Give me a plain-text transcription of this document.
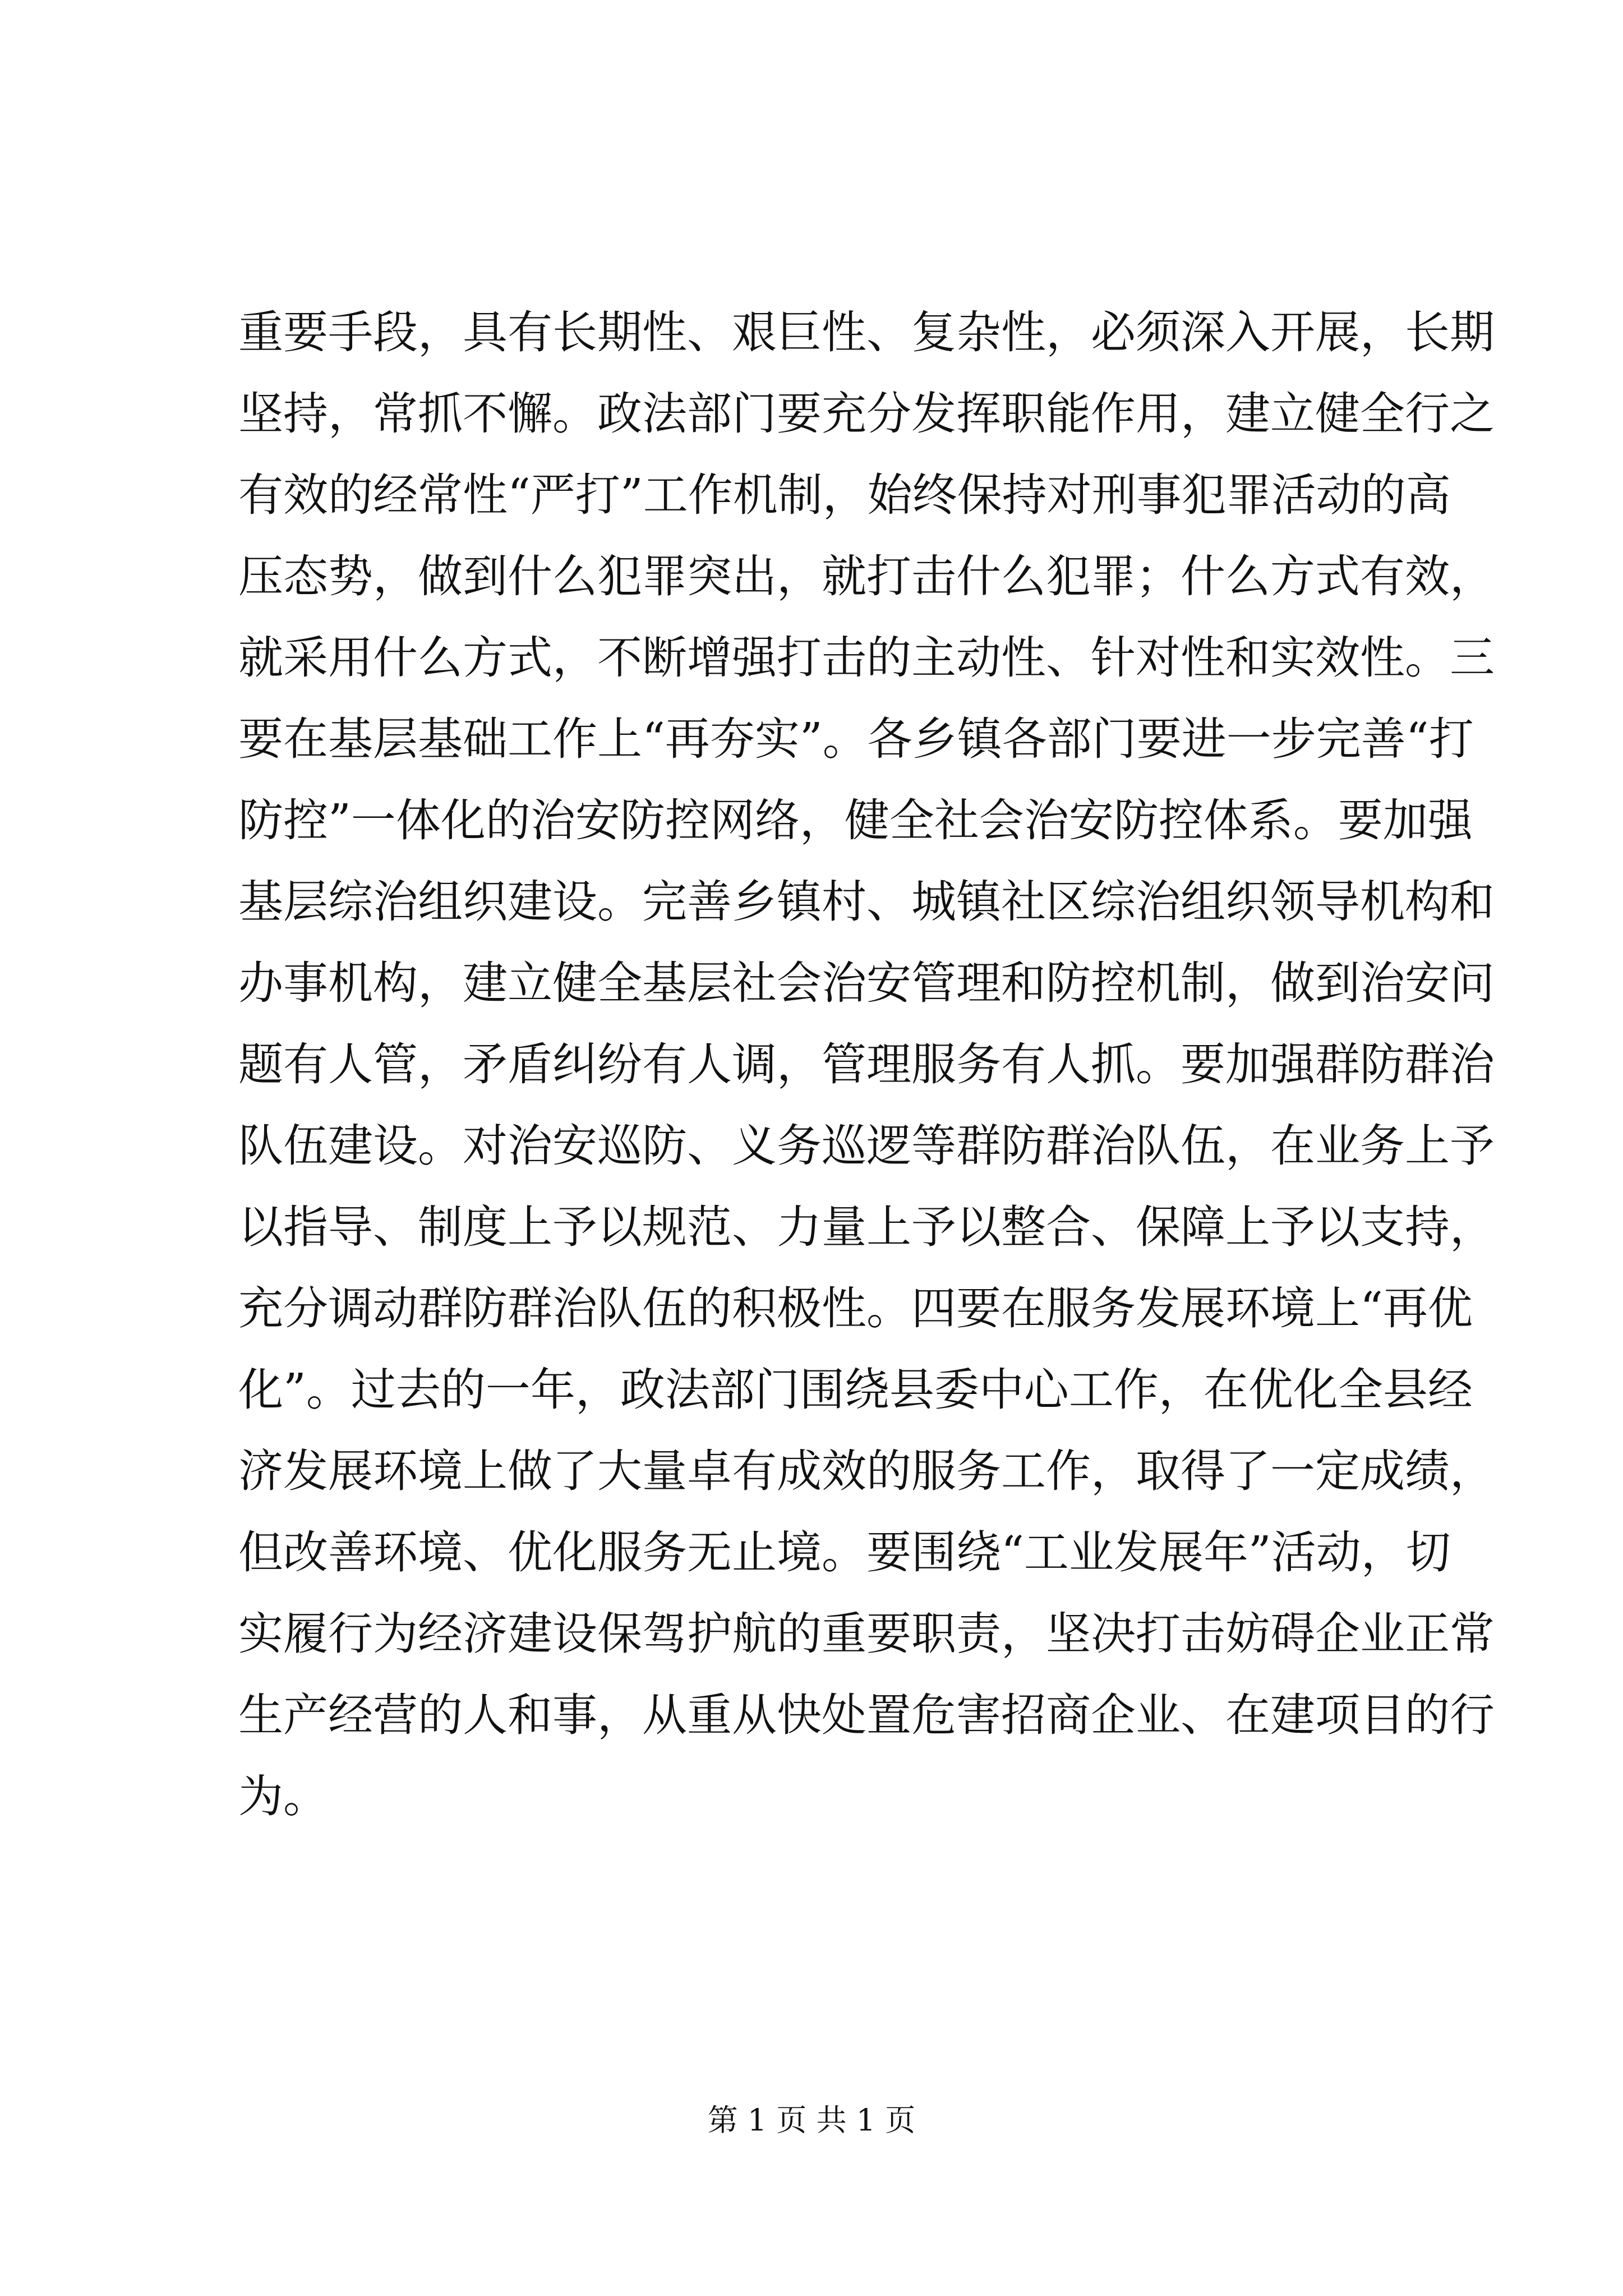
重要手段，具有长期性、艰巨性、复杂性，必须深入开展，长期
坚持，常抓不懈。政法部门要充分发挥职能作用，建立健全行之
有效的经常性“严打”工作机制，始终保持对刑事犯罪活动的高
压态势，做到什么犯罪突出，就打击什么犯罪；什么方式有效，
就采用什么方式，不断增强打击的主动性、针对性和实效性。三
要在基层基础工作上“再夯实”。各乡镇各部门要进一步完善“打
防控”一体化的治安防控网络，健全社会治安防控体系。要加强
基层综治组织建设。完善乡镇村、城镇社区综治组织领导机构和
办事机构，建立健全基层社会治安管理和防控机制，做到治安问
题有人管，矛盾纠纷有人调，管理服务有人抓。要加强群防群治
队伍建设。对治安巡防、义务巡逻等群防群治队伍，在业务上予
以指导、制度上予以规范、力量上予以整合、保障上予以支持，
充分调动群防群治队伍的积极性。四要在服务发展环境上“再优
化”。过去的一年，政法部门围绕县委中心工作，在优化全县经
济发展环境上做了大量卓有成效的服务工作，取得了一定成绩，
但改善环境、优化服务无止境。要围绕“工业发展年”活动，切
实履行为经济建设保驾护航的重要职责，坚决打击妨碍企业正常
生产经营的人和事，从重从快处置危害招商企业、在建项目的行
为。
第 1 页 共 1 页
